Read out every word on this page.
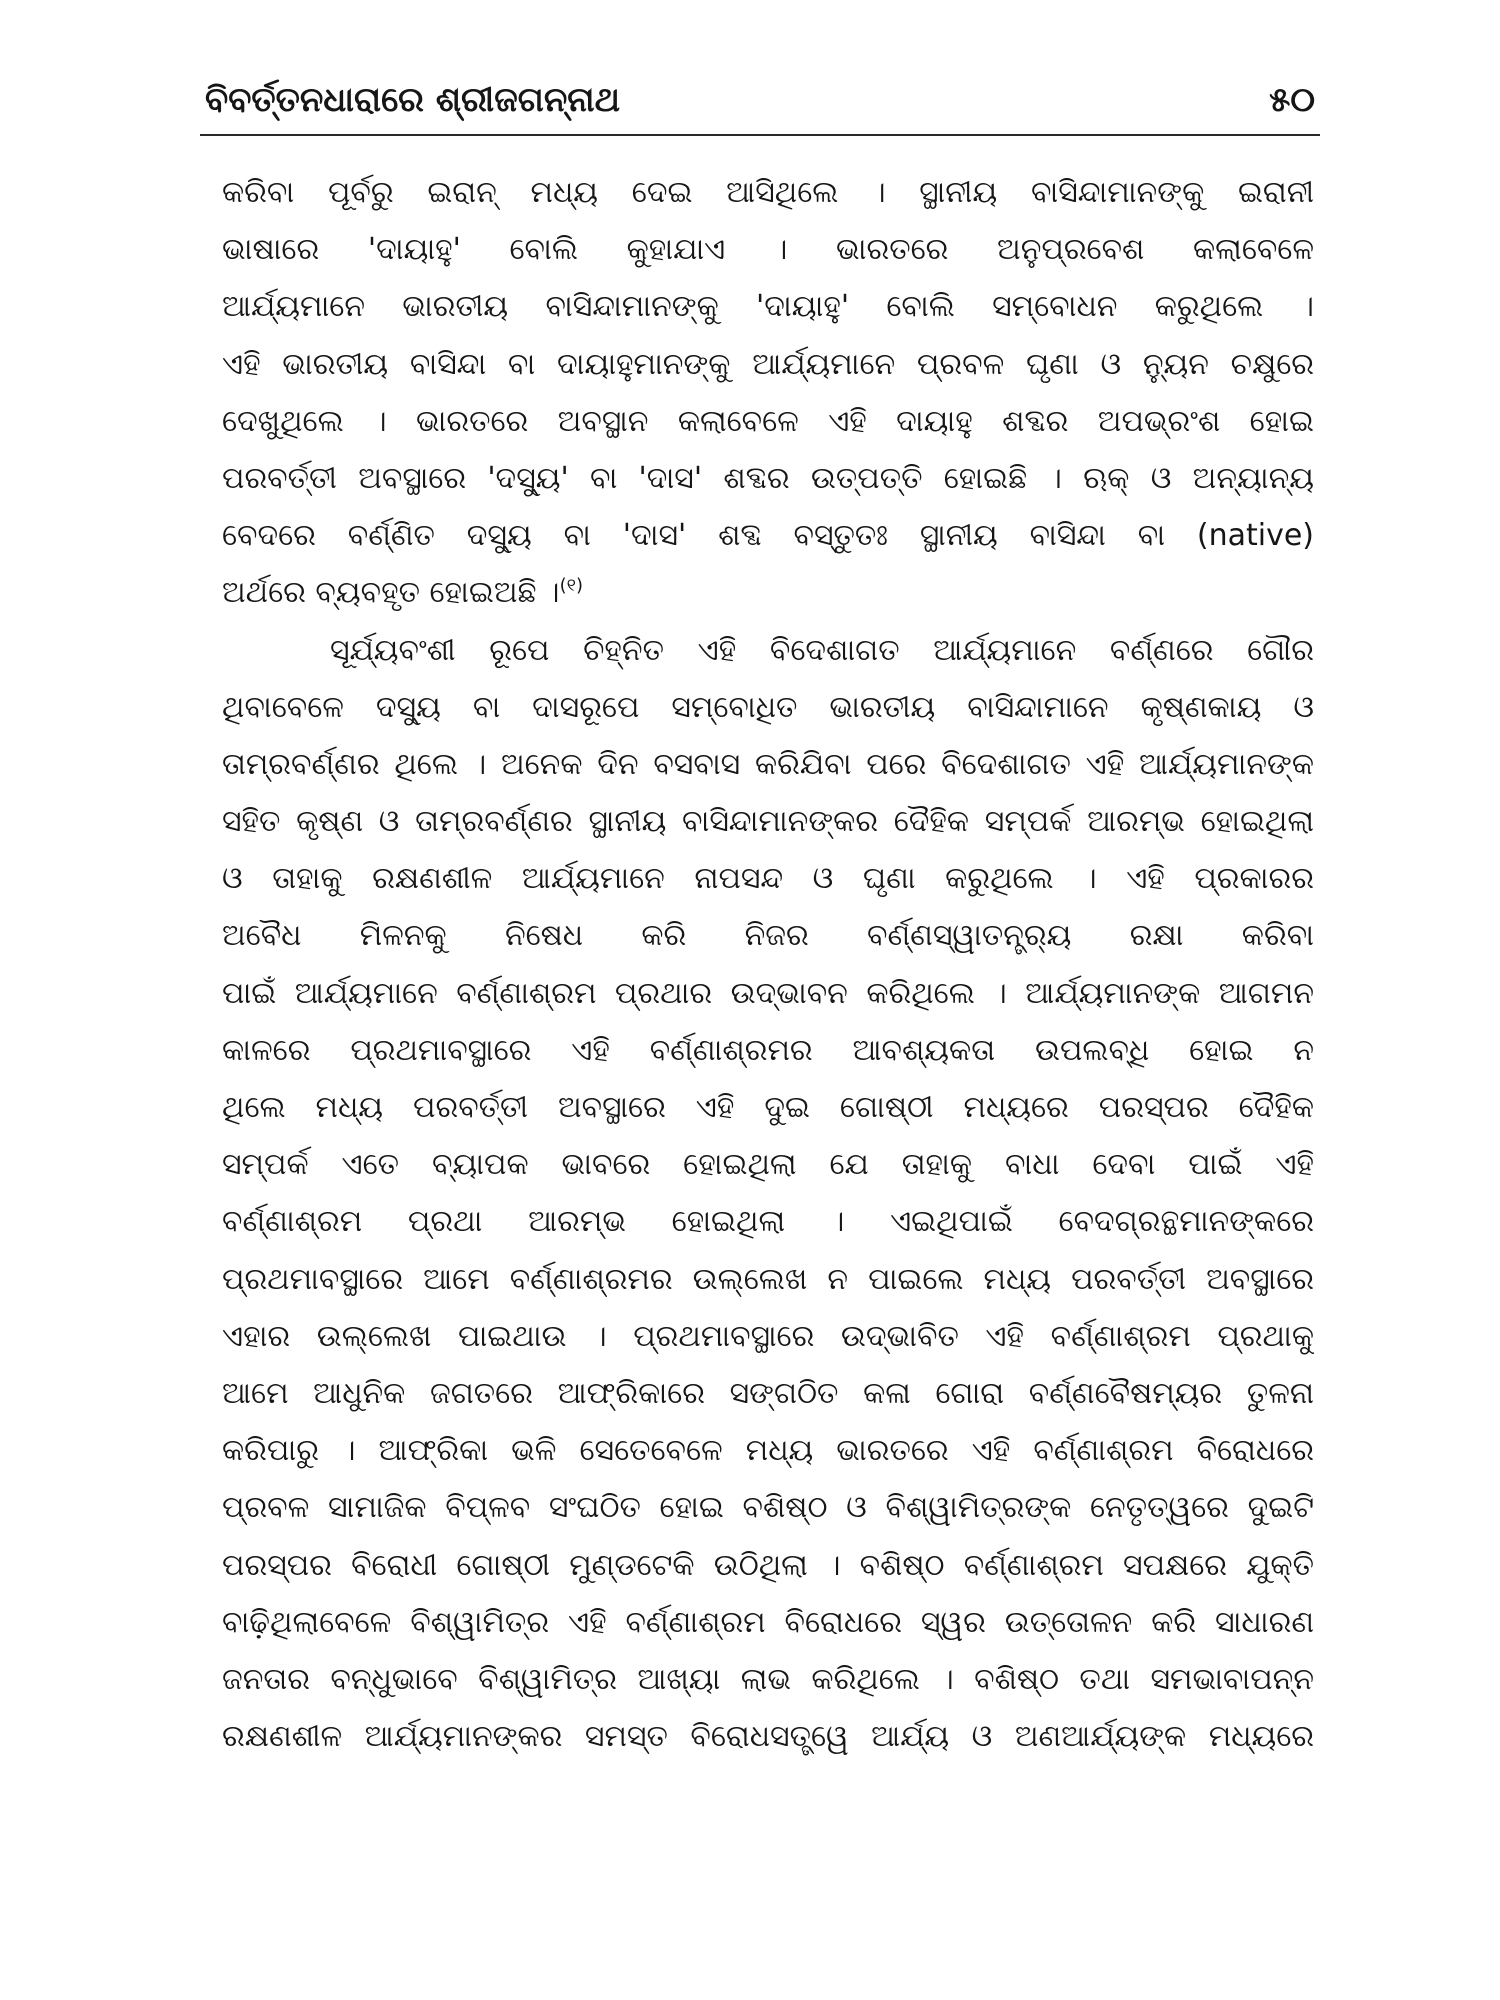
ବିବର୍ତ୍ତନଧାରାରେ ଶ୍ରୀଜଗନ୍ନାଥ	୫୦
କରିବା ପୂର୍ବରୁ ଇରାନ୍ ମଧ୍ୟ ଦେଇ ଆସିଥିଲେ । ସ୍ଥାନୀୟ ବାସିନ୍ଦାମାନଙ୍କୁ ଇରାନୀ
ଭାଷାରେ 'ଦାୟାହୁ' ବୋଲି କୁହାଯାଏ । ଭାରତରେ ଅନୁପ୍ରବେଶ କଲାବେଳେ
ଆର୍ଯ୍ୟମାନେ ଭାରତୀୟ ବାସିନ୍ଦାମାନଙ୍କୁ 'ଦାୟାହୁ' ବୋଲି ସମ୍ବୋଧନ କରୁଥିଲେ ।
ଏହି ଭାରତୀୟ ବାସିନ୍ଦା ବା ଦାୟାହୁମାନଙ୍କୁ ଆର୍ଯ୍ୟମାନେ ପ୍ରବଳ ଘୃଣା ଓ ନ୍ୟୁନ ଚକ୍ଷୁରେ
ଦେଖୁଥିଲେ । ଭାରତରେ ଅବସ୍ଥାନ କଲାବେଳେ ଏହି ଦାୟାହୁ ଶବ୍ଦର ଅପଭ୍ରଂଶ ହୋଇ
ପରବର୍ତ୍ତୀ ଅବସ୍ଥାରେ 'ଦସ୍ୟୁ' ବା 'ଦାସ' ଶବ୍ଦର ଉତ୍ପତ୍ତି ହୋଇଛି । ଋକ୍ ଓ ଅନ୍ୟାନ୍ୟ
ବେଦରେ ବର୍ଣ୍ଣିତ ଦସ୍ୟୁ ବା 'ଦାସ' ଶବ୍ଦ ବସ୍ତୁତଃ ସ୍ଥାନୀୟ ବାସିନ୍ଦା ବା (native)
ଅର୍ଥରେ ବ୍ୟବହୃତ ହୋଇଅଛି ।$^{(୧)}$
ସୂର୍ଯ୍ୟବଂଶୀ ରୂପେ ଚିହ୍ନିତ ଏହି ବିଦେଶାଗତ ଆର୍ଯ୍ୟମାନେ ବର୍ଣ୍ଣରେ ଗୌର
ଥିବାବେଳେ ଦସ୍ୟୁ ବା ଦାସରୂପେ ସମ୍ବୋଧିତ ଭାରତୀୟ ବାସିନ୍ଦାମାନେ କୃଷ୍ଣକାୟ ଓ
ତାମ୍ରବର୍ଣ୍ଣର ଥିଲେ । ଅନେକ ଦିନ ବସବାସ କରିଯିବା ପରେ ବିଦେଶାଗତ ଏହି ଆର୍ଯ୍ୟମାନଙ୍କ
ସହିତ କୃଷ୍ଣ ଓ ତାମ୍ରବର୍ଣ୍ଣର ସ୍ଥାନୀୟ ବାସିନ୍ଦାମାନଙ୍କର ଦୈହିକ ସମ୍ପର୍କ ଆରମ୍ଭ ହୋଇଥିଲା
ଓ ତାହାକୁ ରକ୍ଷଣଶୀଳ ଆର୍ଯ୍ୟମାନେ ନାପସନ୍ଦ ଓ ଘୃଣା କରୁଥିଲେ । ଏହି ପ୍ରକାରର
ଅବୈଧ ମିଳନକୁ ନିଷେଧ କରି ନିଜର ବର୍ଣ୍ଣସ୍ୱାତନ୍ତ୍ର୍ୟ ରକ୍ଷା କରିବା
ପାଇଁ ଆର୍ଯ୍ୟମାନେ ବର୍ଣ୍ଣାଶ୍ରମ ପ୍ରଥାର ଉଦ୍ଭାବନ କରିଥିଲେ । ଆର୍ଯ୍ୟମାନଙ୍କ ଆଗମନ
କାଳରେ ପ୍ରଥମାବସ୍ଥାରେ ଏହି ବର୍ଣ୍ଣାଶ୍ରମର ଆବଶ୍ୟକତା ଉପଲବ୍ଧି ହୋଇ ନ
ଥିଲେ ମଧ୍ୟ ପରବର୍ତ୍ତୀ ଅବସ୍ଥାରେ ଏହି ଦୁଇ ଗୋଷ୍ଠୀ ମଧ୍ୟରେ ପରସ୍ପର ଦୈହିକ
ସମ୍ପର୍କ ଏତେ ବ୍ୟାପକ ଭାବରେ ହୋଇଥିଲା ଯେ ତାହାକୁ ବାଧା ଦେବା ପାଇଁ ଏହି
ବର୍ଣ୍ଣାଶ୍ରମ ପ୍ରଥା ଆରମ୍ଭ ହୋଇଥିଲା । ଏଇଥିପାଇଁ ବେଦଗ୍ରନ୍ଥମାନଙ୍କରେ
ପ୍ରଥମାବସ୍ଥାରେ ଆମେ ବର୍ଣ୍ଣାଶ୍ରମର ଉଲ୍ଲେଖ ନ ପାଇଲେ ମଧ୍ୟ ପରବର୍ତ୍ତୀ ଅବସ୍ଥାରେ
ଏହାର ଉଲ୍ଲେଖ ପାଇଥାଉ । ପ୍ରଥମାବସ୍ଥାରେ ଉଦ୍ଭାବିତ ଏହି ବର୍ଣ୍ଣାଶ୍ରମ ପ୍ରଥାକୁ
ଆମେ ଆଧୁନିକ ଜଗତରେ ଆଫ୍ରିକାରେ ସଙ୍ଗଠିତ କଳା ଗୋରା ବର୍ଣ୍ଣବୈଷମ୍ୟର ତୁଳନା
କରିପାରୁ । ଆଫ୍ରିକା ଭଳି ସେତେବେଳେ ମଧ୍ୟ ଭାରତରେ ଏହି ବର୍ଣ୍ଣାଶ୍ରମ ବିରୋଧରେ
ପ୍ରବଳ ସାମାଜିକ ବିପ୍ଳବ ସଂଘଠିତ ହୋଇ ବଶିଷ୍ଠ ଓ ବିଶ୍ୱାମିତ୍ରଙ୍କ ନେତୃତ୍ୱରେ ଦୁଇଟି
ପରସ୍ପର ବିରୋଧୀ ଗୋଷ୍ଠୀ ମୁଣ୍ଡଟେକି ଉଠିଥିଲା । ବଶିଷ୍ଠ ବର୍ଣ୍ଣାଶ୍ରମ ସପକ୍ଷରେ ଯୁକ୍ତି
ବାଢ଼ିଥିଲାବେଳେ ବିଶ୍ୱାମିତ୍ର ଏହି ବର୍ଣ୍ଣାଶ୍ରମ ବିରୋଧରେ ସ୍ୱର ଉତ୍ତୋଳନ କରି ସାଧାରଣ
ଜନତାର ବନ୍ଧୁଭାବେ ବିଶ୍ୱାମିତ୍ର ଆଖ୍ୟା ଲାଭ କରିଥିଲେ । ବଶିଷ୍ଠ ତଥା ସମଭାବାପନ୍ନ
ରକ୍ଷଣଶୀଳ ଆର୍ଯ୍ୟମାନଙ୍କର ସମସ୍ତ ବିରୋଧସତ୍ତ୍ୱେ ଆର୍ଯ୍ୟ ଓ ଅଣଆର୍ଯ୍ୟଙ୍କ ମଧ୍ୟରେ
